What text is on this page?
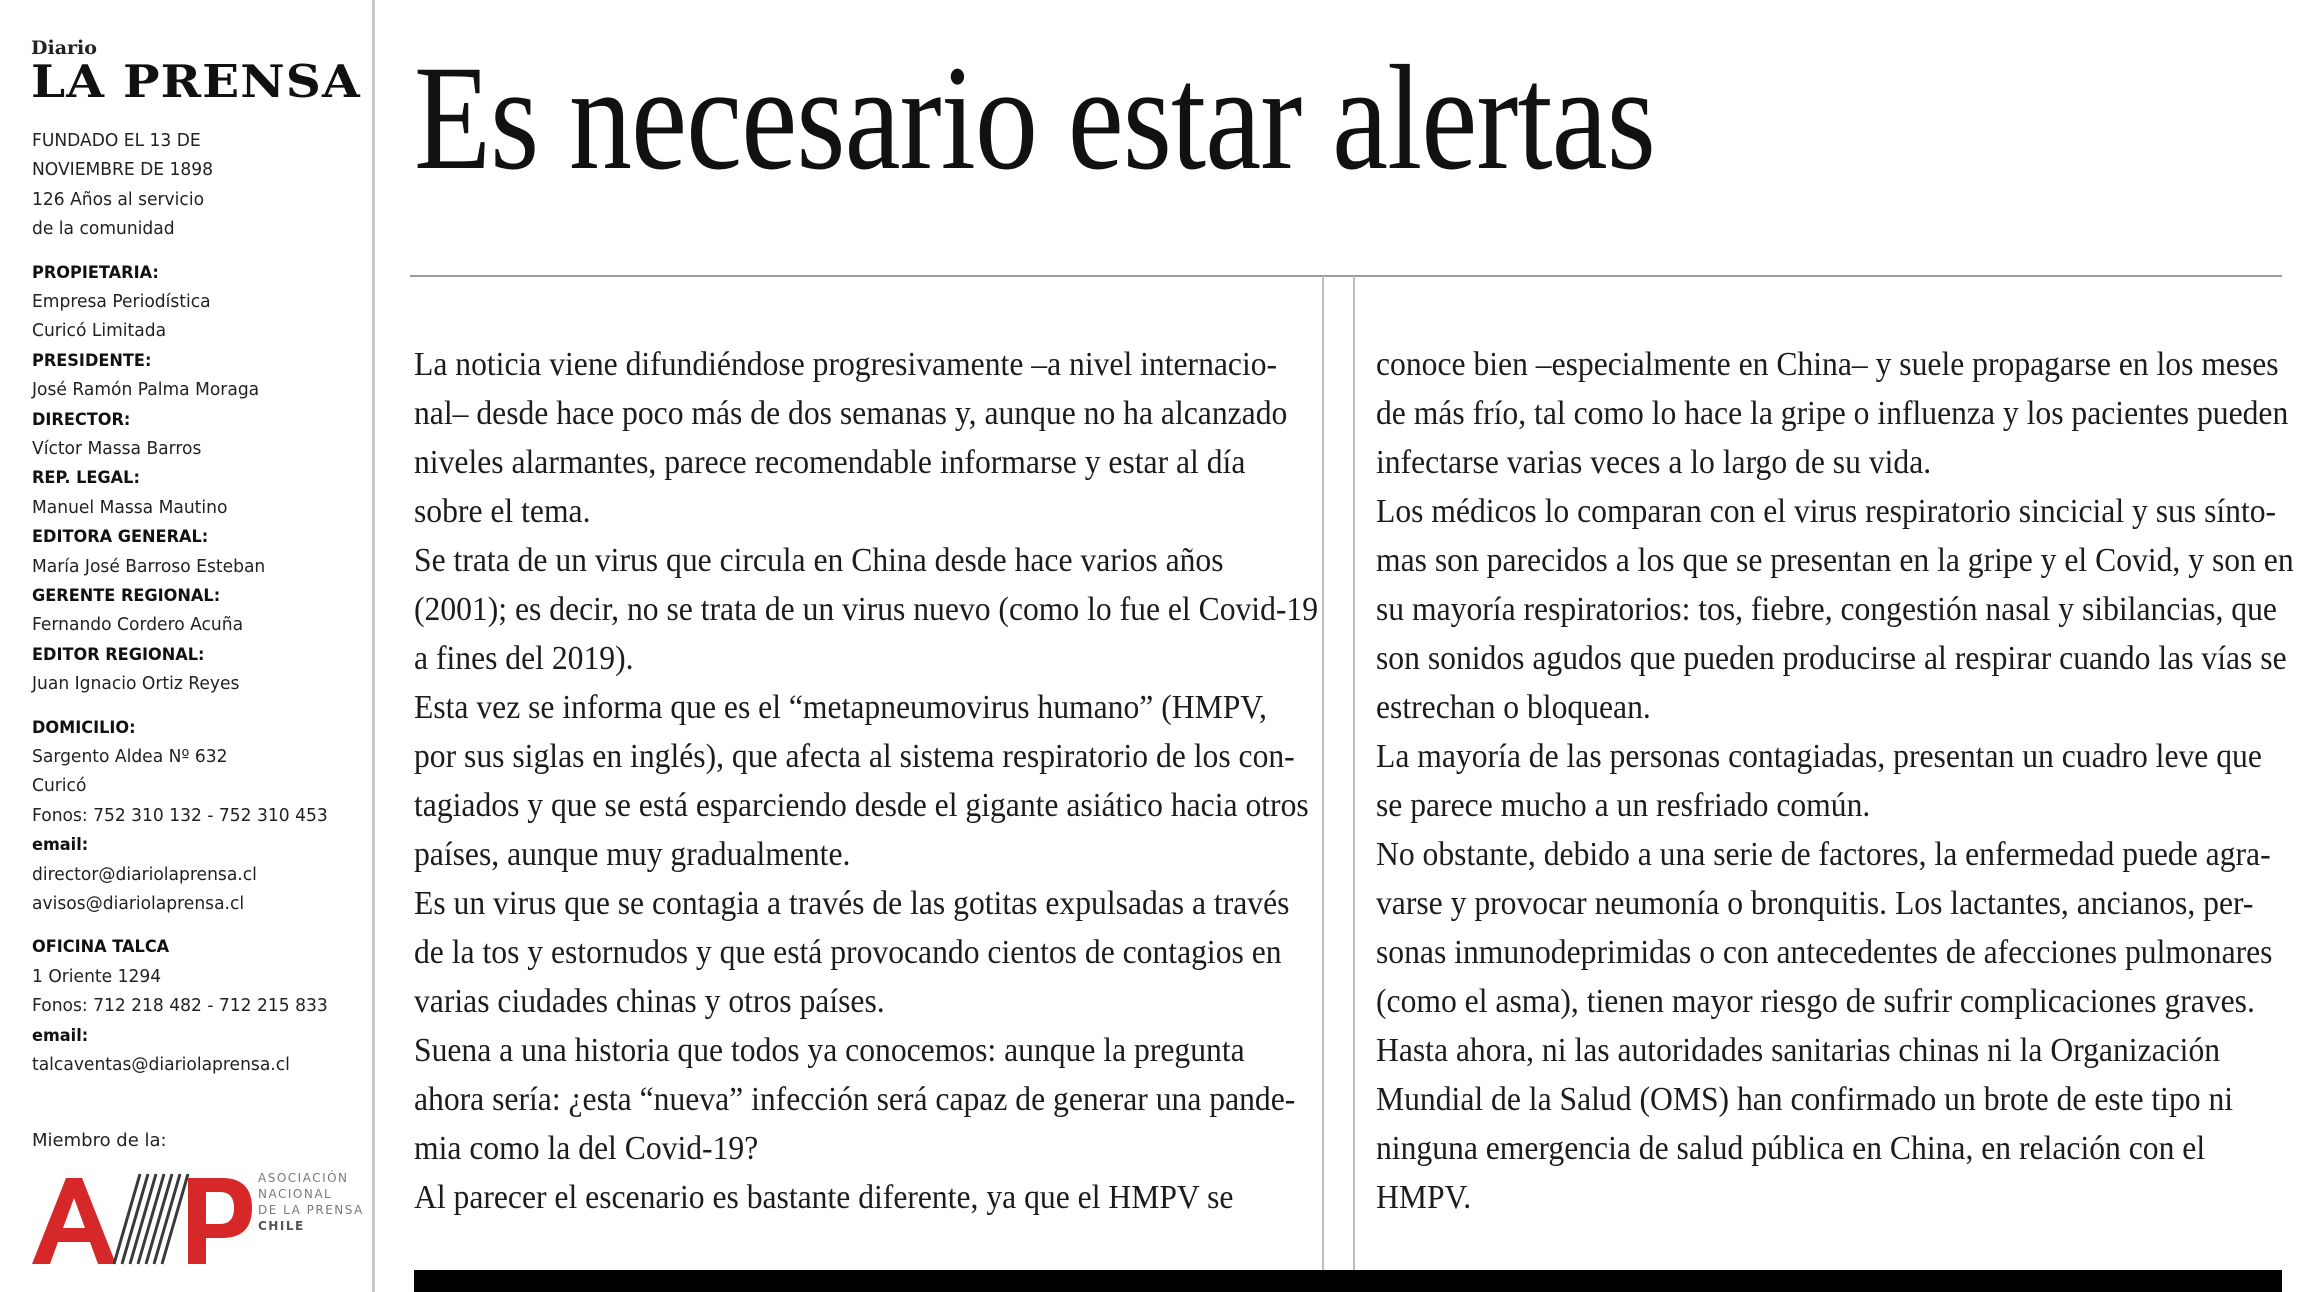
Diario
LA PRENSA
FUNDADO EL 13 DE
NOVIEMBRE DE 1898
126 Años al servicio
de la comunidad
PROPIETARIA:
Empresa Periodística
Curicó Limitada
PRESIDENTE:
José Ramón Palma Moraga
DIRECTOR:
Víctor Massa Barros
REP. LEGAL:
Manuel Massa Mautino
EDITORA GENERAL:
María José Barroso Esteban
GERENTE REGIONAL:
Fernando Cordero Acuña
EDITOR REGIONAL:
Juan Ignacio Ortiz Reyes
DOMICILIO:
Sargento Aldea Nº 632
Curicó
Fonos: 752 310 132 - 752 310 453
email:
director@diariolaprensa.cl
avisos@diariolaprensa.cl
OFICINA TALCA
1 Oriente 1294
Fonos: 712 218 482 - 712 215 833
email:
talcaventas@diariolaprensa.cl
Miembro de la:
ASOCIACIÓN
NACIONAL
DE LA PRENSA
CHILE
Es necesario estar alertas
La noticia viene difundiéndose progresivamente –a nivel internacio-
nal– desde hace poco más de dos semanas y, aunque no ha alcanzado
niveles alarmantes, parece recomendable informarse y estar al día
sobre el tema.
Se trata de un virus que circula en China desde hace varios años
(2001); es decir, no se trata de un virus nuevo (como lo fue el Covid-19
a fines del 2019).
Esta vez se informa que es el “metapneumovirus humano” (HMPV,
por sus siglas en inglés), que afecta al sistema respiratorio de los con-
tagiados y que se está esparciendo desde el gigante asiático hacia otros
países, aunque muy gradualmente.
Es un virus que se contagia a través de las gotitas expulsadas a través
de la tos y estornudos y que está provocando cientos de contagios en
varias ciudades chinas y otros países.
Suena a una historia que todos ya conocemos: aunque la pregunta
ahora sería: ¿esta “nueva” infección será capaz de generar una pande-
mia como la del Covid-19?
Al parecer el escenario es bastante diferente, ya que el HMPV se
conoce bien –especialmente en China– y suele propagarse en los meses
de más frío, tal como lo hace la gripe o influenza y los pacientes pueden
infectarse varias veces a lo largo de su vida.
Los médicos lo comparan con el virus respiratorio sincicial y sus sínto-
mas son parecidos a los que se presentan en la gripe y el Covid, y son en
su mayoría respiratorios: tos, fiebre, congestión nasal y sibilancias, que
son sonidos agudos que pueden producirse al respirar cuando las vías se
estrechan o bloquean.
La mayoría de las personas contagiadas, presentan un cuadro leve que
se parece mucho a un resfriado común.
No obstante, debido a una serie de factores, la enfermedad puede agra-
varse y provocar neumonía o bronquitis. Los lactantes, ancianos, per-
sonas inmunodeprimidas o con antecedentes de afecciones pulmonares
(como el asma), tienen mayor riesgo de sufrir complicaciones graves.
Hasta ahora, ni las autoridades sanitarias chinas ni la Organización
Mundial de la Salud (OMS) han confirmado un brote de este tipo ni
ninguna emergencia de salud pública en China, en relación con el
HMPV.
